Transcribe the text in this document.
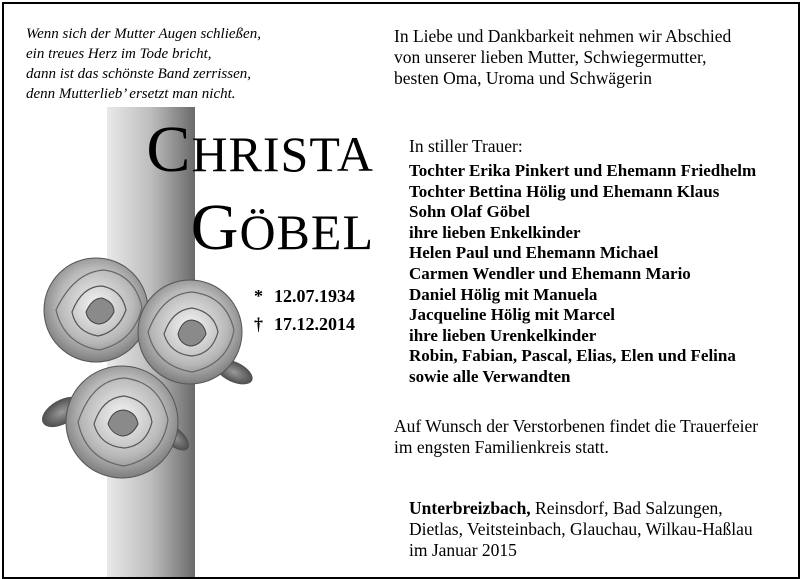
Wenn sich der Mutter Augen schließen,
ein treues Herz im Tode bricht,
dann ist das schönste Band zerrissen,
denn Mutterlieb’ ersetzt man nicht.
CHRISTA
GÖBEL
* 12.07.1934
† 17.12.2014
In Liebe und Dankbarkeit nehmen wir Abschied
von unserer lieben Mutter, Schwiegermutter,
besten Oma, Uroma und Schwägerin
In stiller Trauer:
Tochter Erika Pinkert und Ehemann Friedhelm
Tochter Bettina Hölig und Ehemann Klaus
Sohn Olaf Göbel
ihre lieben Enkelkinder
Helen Paul und Ehemann Michael
Carmen Wendler und Ehemann Mario
Daniel Hölig mit Manuela
Jacqueline Hölig mit Marcel
ihre lieben Urenkelkinder
Robin, Fabian, Pascal, Elias, Elen und Felina
sowie alle Verwandten
Auf Wunsch der Verstorbenen findet die Trauerfeier
im engsten Familienkreis statt.
Unterbreizbach, Reinsdorf, Bad Salzungen,
Dietlas, Veitsteinbach, Glauchau, Wilkau-Haßlau
im Januar 2015
